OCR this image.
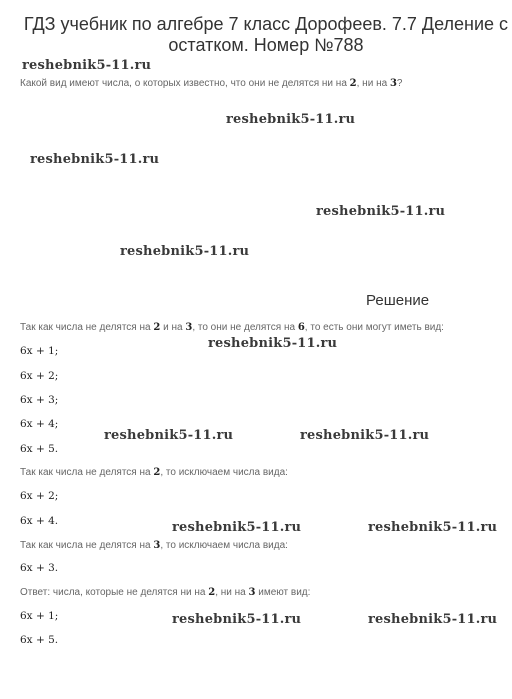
ГДЗ учебник по алгебре 7 класс Дорофеев. 7.7 Деление с остатком. Номер №788
reshebnik5-11.ru
Какой вид имеют числа, о которых известно, что они не делятся ни на 2, ни на 3?
reshebnik5-11.ru
reshebnik5-11.ru
reshebnik5-11.ru
reshebnik5-11.ru
Решение
Так как числа не делятся на 2 и на 3, то они не делятся на 6, то есть они могут иметь вид:
reshebnik5-11.ru
6x + 1;
6x + 2;
6x + 3;
6x + 4;
6x + 5.
reshebnik5-11.ru	reshebnik5-11.ru
Так как числа не делятся на 2, то исключаем числа вида:
6x + 2;
6x + 4.	reshebnik5-11.ru	reshebnik5-11.ru
Так как числа не делятся на 3, то исключаем числа вида:
6x + 3.
Ответ: числа, которые не делятся ни на 2, ни на 3 имеют вид:
6x + 1;
6x + 5.
reshebnik5-11.ru	reshebnik5-11.ru
